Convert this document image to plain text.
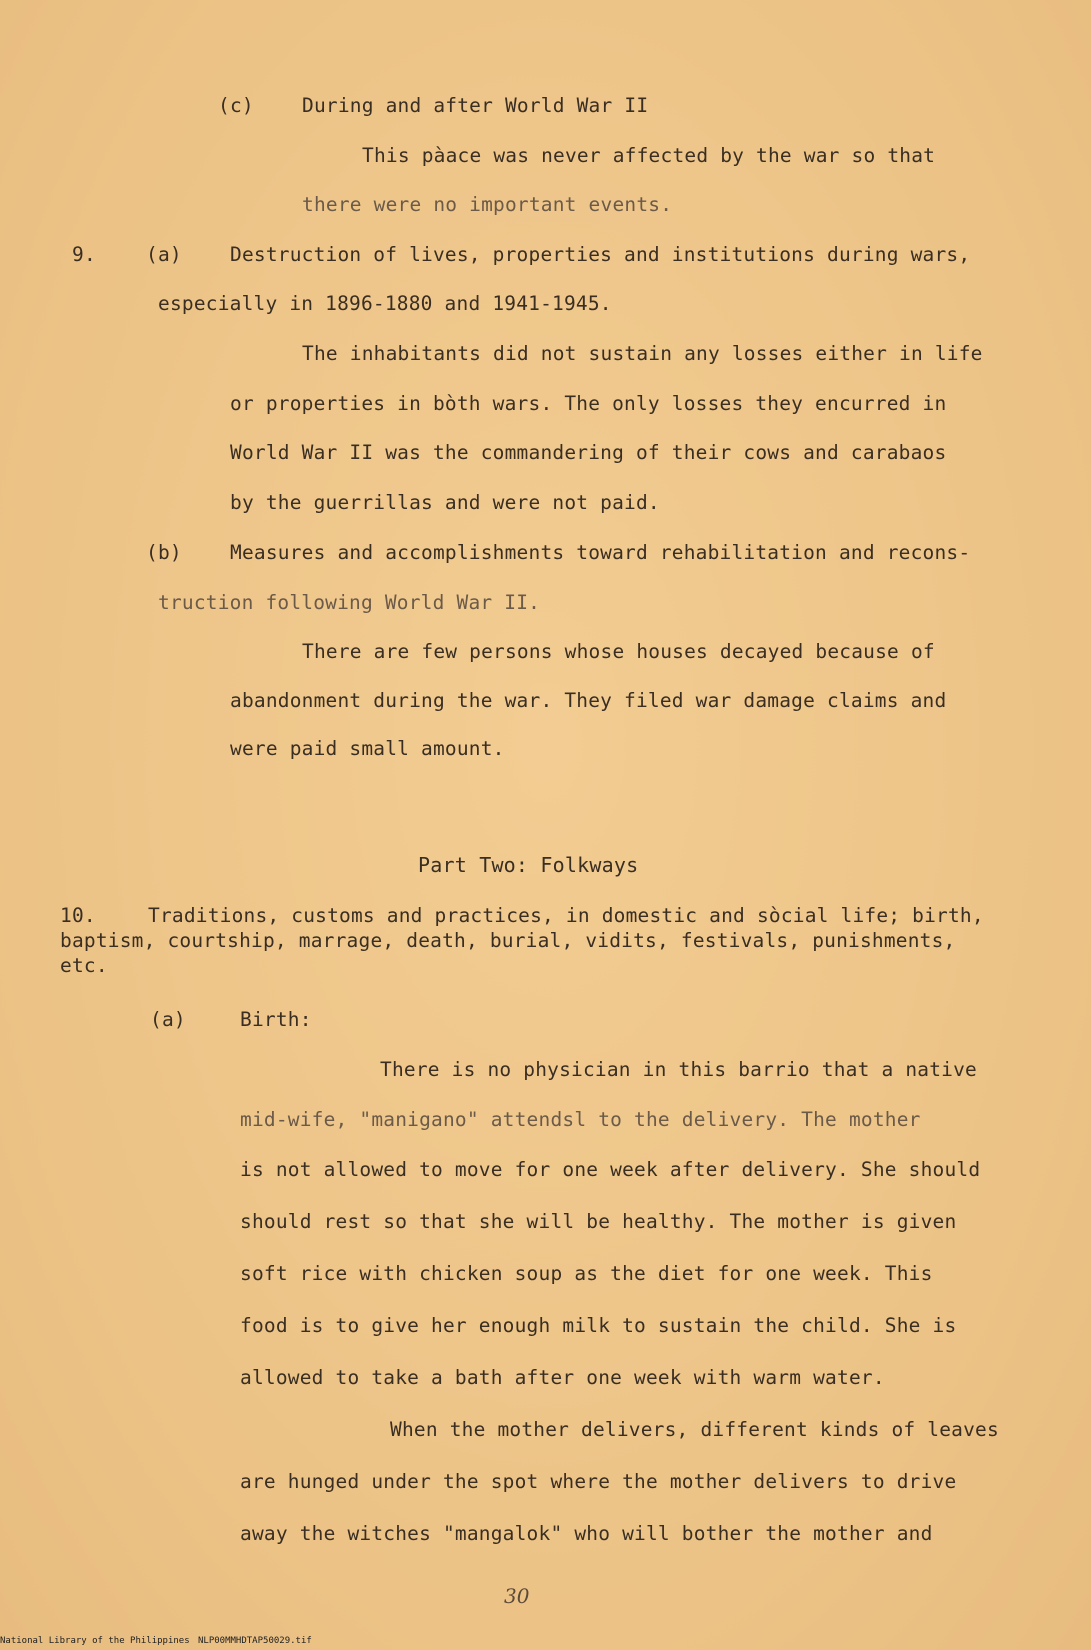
(c) During and after World War II
This pàace was never affected by the war so that
there were no important events.
9.	(a) Destruction of lives, properties and institutions during wars,
especially in 1896-1880 and 1941-1945.
The inhabitants did not sustain any losses either in life
or properties in bòth wars. The only losses they encurred in
World War II was the commandering of their cows and carabaos
by the guerrillas and were not paid.
(b) Measures and accomplishments toward rehabilitation and recons-
truction following World War II.
There are few persons whose houses decayed because of
abandonment during the war. They filed war damage claims and
were paid small amount.
Part Two: Folkways
10.	Traditions, customs and practices, in domestic and sòcial life; birth,
baptism, courtship, marrage, death, burial, vidits, festivals, punishments,
etc.
(a)	Birth:
There is no physician in this barrio that a native
mid-wife, "manigano" attendsl to the delivery. The mother
is not allowed to move for one week after delivery. She should
should rest so that she will be healthy. The mother is given
soft rice with chicken soup as the diet for one week. This
food is to give her enough milk to sustain the child. She is
allowed to take a bath after one week with warm water.
When the mother delivers, different kinds of leaves
are hunged under the spot where the mother delivers to drive
away the witches "mangalok" who will bother the mother and
30
National Library of the Philippines NLP00MMHDTAP50029.tif
